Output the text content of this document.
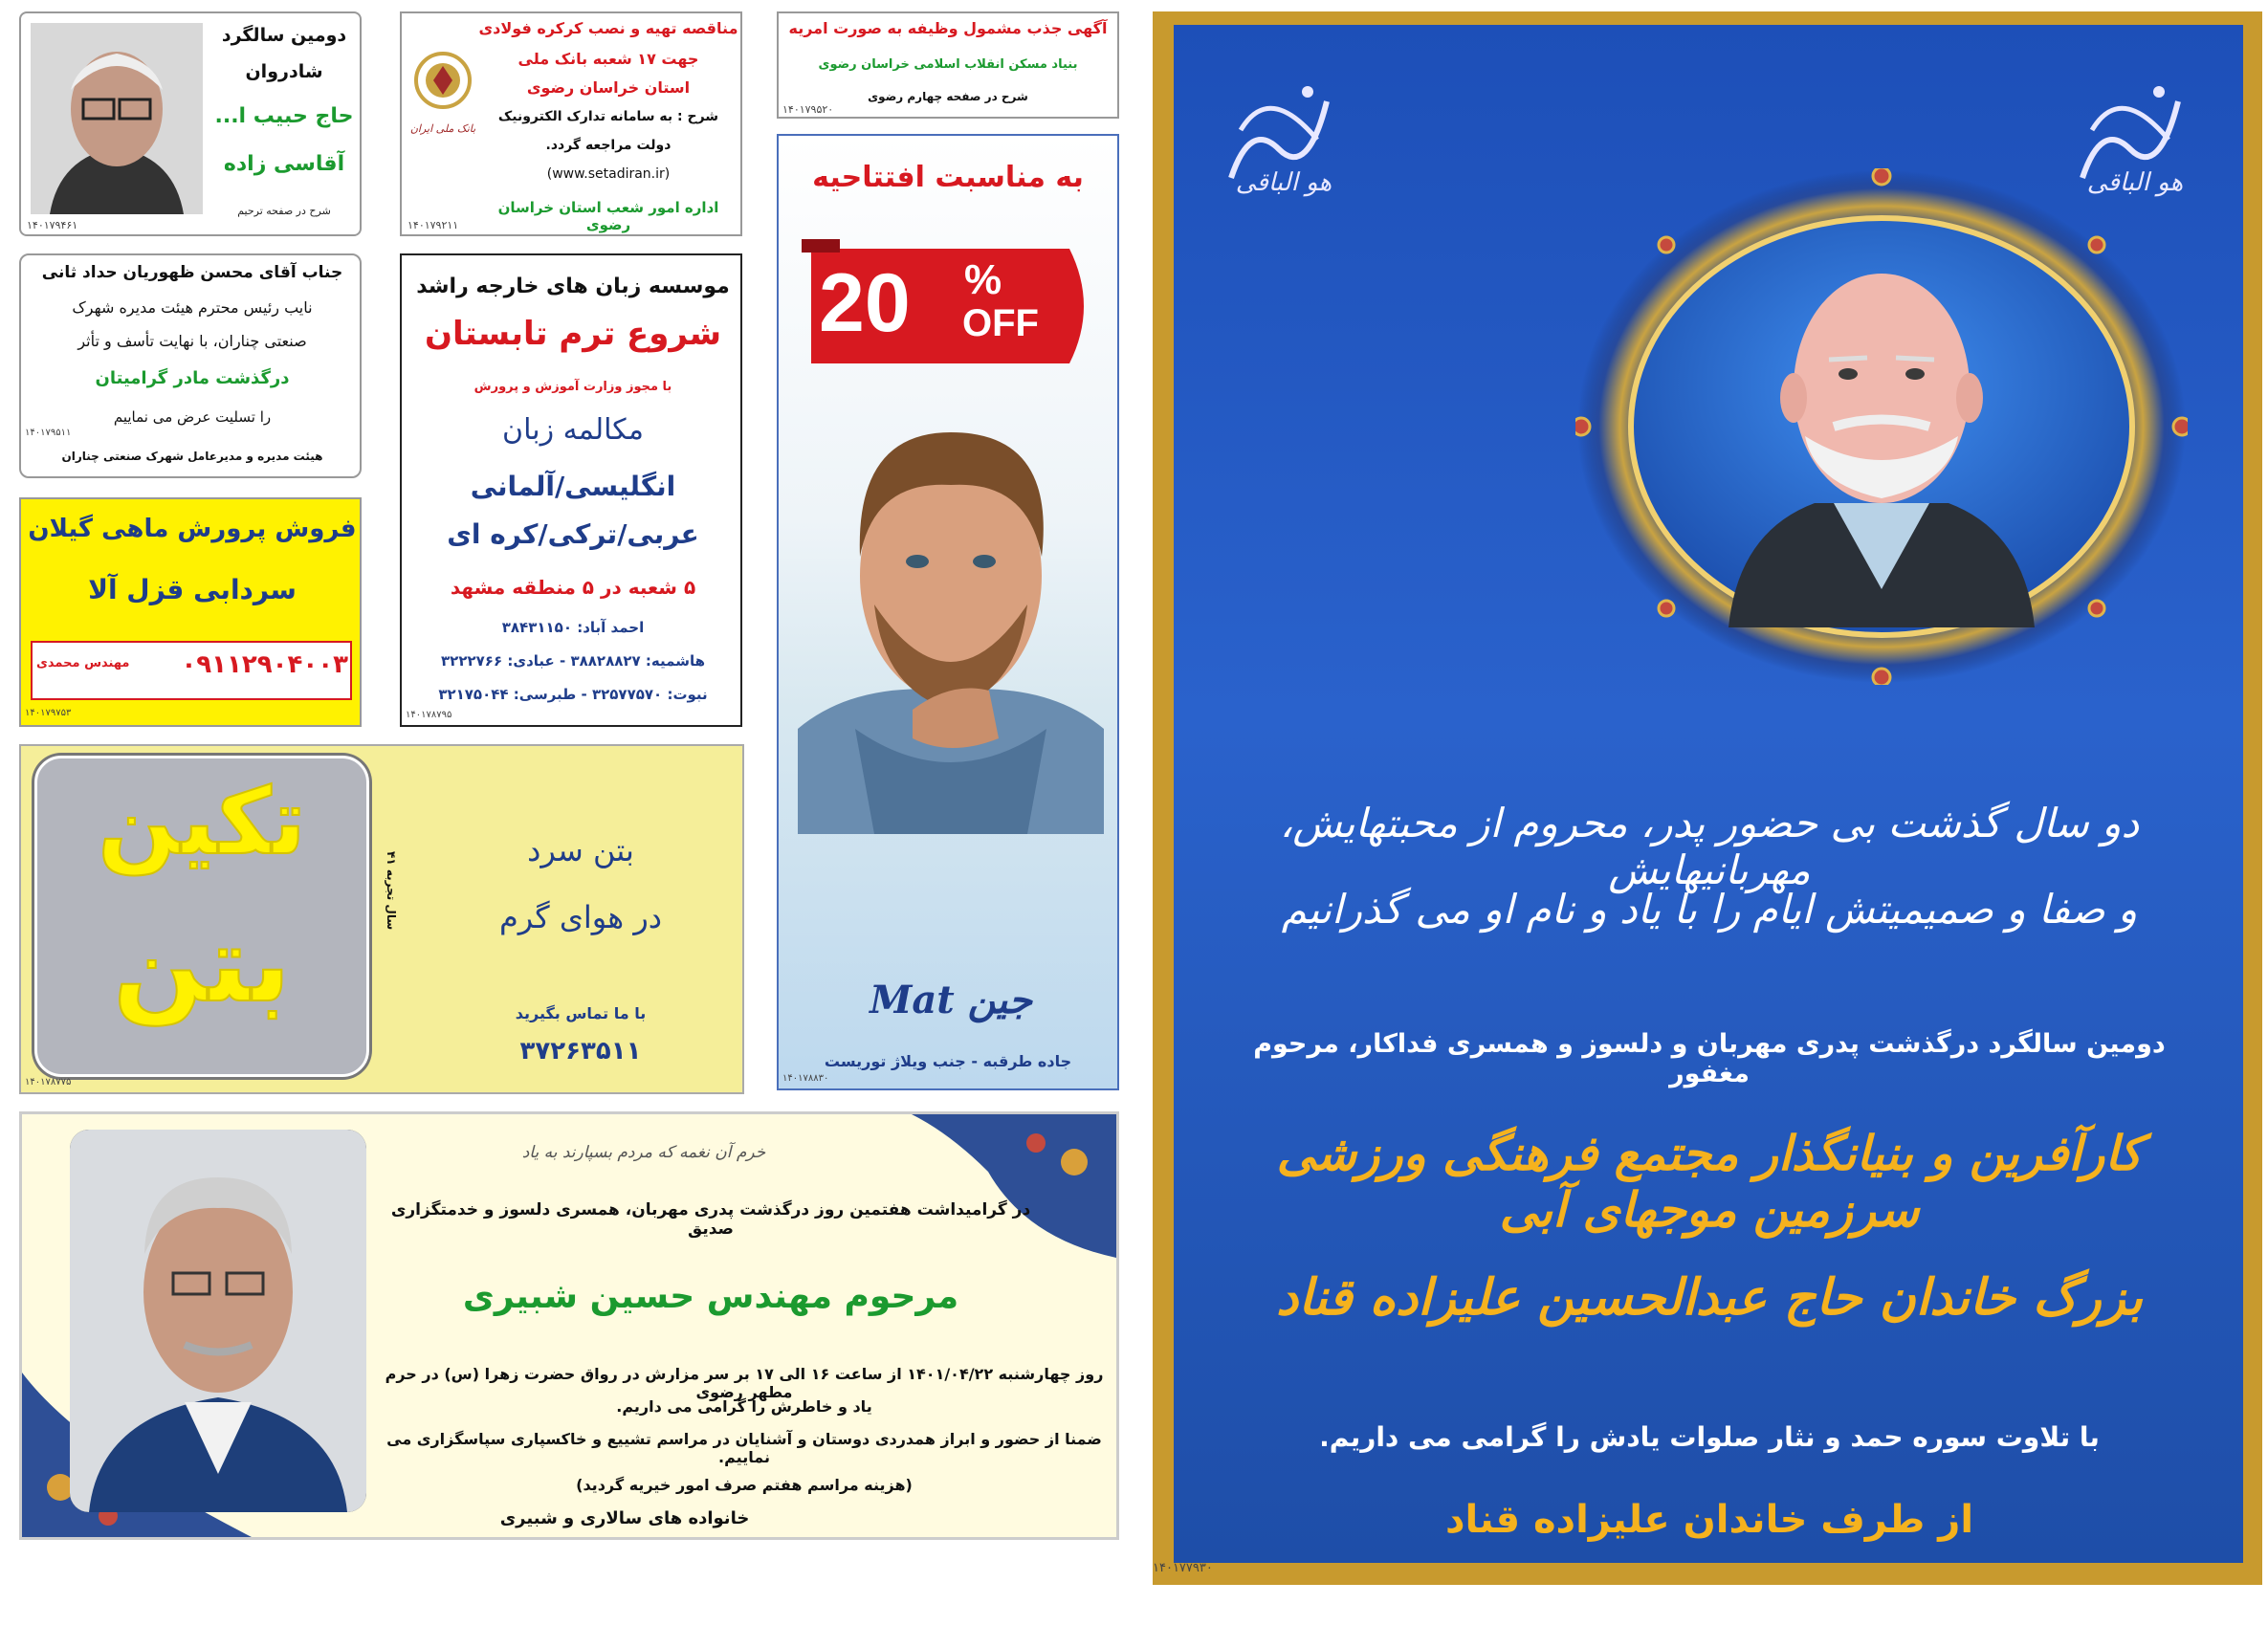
هو الباقی	هو الباقی
دو سال گذشت بی حضور پدر، محروم از محبتهایش، مهربانیهایش
و صفا و صمیمیتش ایام را با یاد و نام او می گذرانیم
دومین سالگرد درگذشت پدری مهربان و دلسوز و همسری فداکار، مرحوم مغفور
کارآفرین و بنیانگذار مجتمع فرهنگی ورزشی سرزمین موجهای آبی
بزرگ خاندان حاج عبدالحسین علیزاده قناد
با تلاوت سوره حمد و نثار صلوات یادش را گرامی می داریم.
از طرف خاندان علیزاده قناد
۱۴۰۱۷۷۹۳۰
دومین سالگرد
شادروان
حاج حبیب ا...
آقاسی زاده
شرح در صفحه ترحیم
۱۴۰۱۷۹۴۶۱
بانک ملی ایران
مناقصه تهیه و نصب کرکره فولادی
جهت ۱۷ شعبه بانک ملی
استان خراسان رضوی
شرح : به سامانه تدارک الکترونیک
دولت مراجعه گردد.
(www.setadiran.ir)
اداره امور شعب استان خراسان رضوی
۱۴۰۱۷۹۲۱۱
آگهی جذب مشمول وظیفه به صورت امریه
بنیاد مسکن انقلاب اسلامی خراسان رضوی
شرح در صفحه چهارم رضوی
۱۴۰۱۷۹۵۲۰
جناب آقای محسن ظهوریان حداد ثانی
نایب رئیس محترم هیئت مدیره شهرک
صنعتی چناران، با نهایت تأسف و تأثر
درگذشت مادر گرامیتان
را تسلیت عرض می نماییم
هیئت مدیره و مدیرعامل شهرک صنعتی چناران
۱۴۰۱۷۹۵۱۱
موسسه زبان های خارجه راشد
شروع ترم تابستان
با مجوز وزارت آموزش و پرورش
مکالمه زبان
انگلیسی/آلمانی
عربی/ترکی/کره ای
۵ شعبه در ۵ منطقه مشهد
احمد آباد: ۳۸۴۳۱۱۵۰
هاشمیه: ۳۸۸۲۸۸۲۷ - عبادی: ۳۲۲۲۷۶۶
نبوت: ۳۲۵۷۷۵۷۰ - طبرسی: ۳۲۱۷۵۰۴۴
۱۴۰۱۷۸۷۹۵
فروش پرورش ماهی گیلان
سردابی قزل آلا
مهندس محمدی	۰۹۱۱۲۹۰۴۰۰۳
۱۴۰۱۷۹۷۵۳
به مناسبت افتتاحیه
20 %
OFF
Mat جین
جاده طرقبه - جنب ویلاژ توریست
۱۴۰۱۷۸۸۳۰
تکین
بتن
۴۱ سال تجربه
بتن سرد
در هوای گرم
با ما تماس بگیرید
۳۷۲۶۳۵۱۱
۱۴۰۱۷۸۷۷۵
خرم آن نغمه که مردم بسپارند به یاد
در گرامیداشت هفتمین روز درگذشت پدری مهربان، همسری دلسوز و خدمتگزاری صدیق
مرحوم مهندس حسین شبیری
روز چهارشنبه ۱۴۰۱/۰۴/۲۲ از ساعت ۱۶ الی ۱۷ بر سر مزارش در رواق حضرت زهرا (س) در حرم مطهر رضوی
یاد و خاطرش را گرامی می داریم.
ضمنا از حضور و ابراز همدردی دوستان و آشنایان در مراسم تشییع و خاکسپاری سپاسگزاری می نماییم.
(هزینه مراسم هفتم صرف امور خیریه گردید)
خانواده های سالاری و شبیری
